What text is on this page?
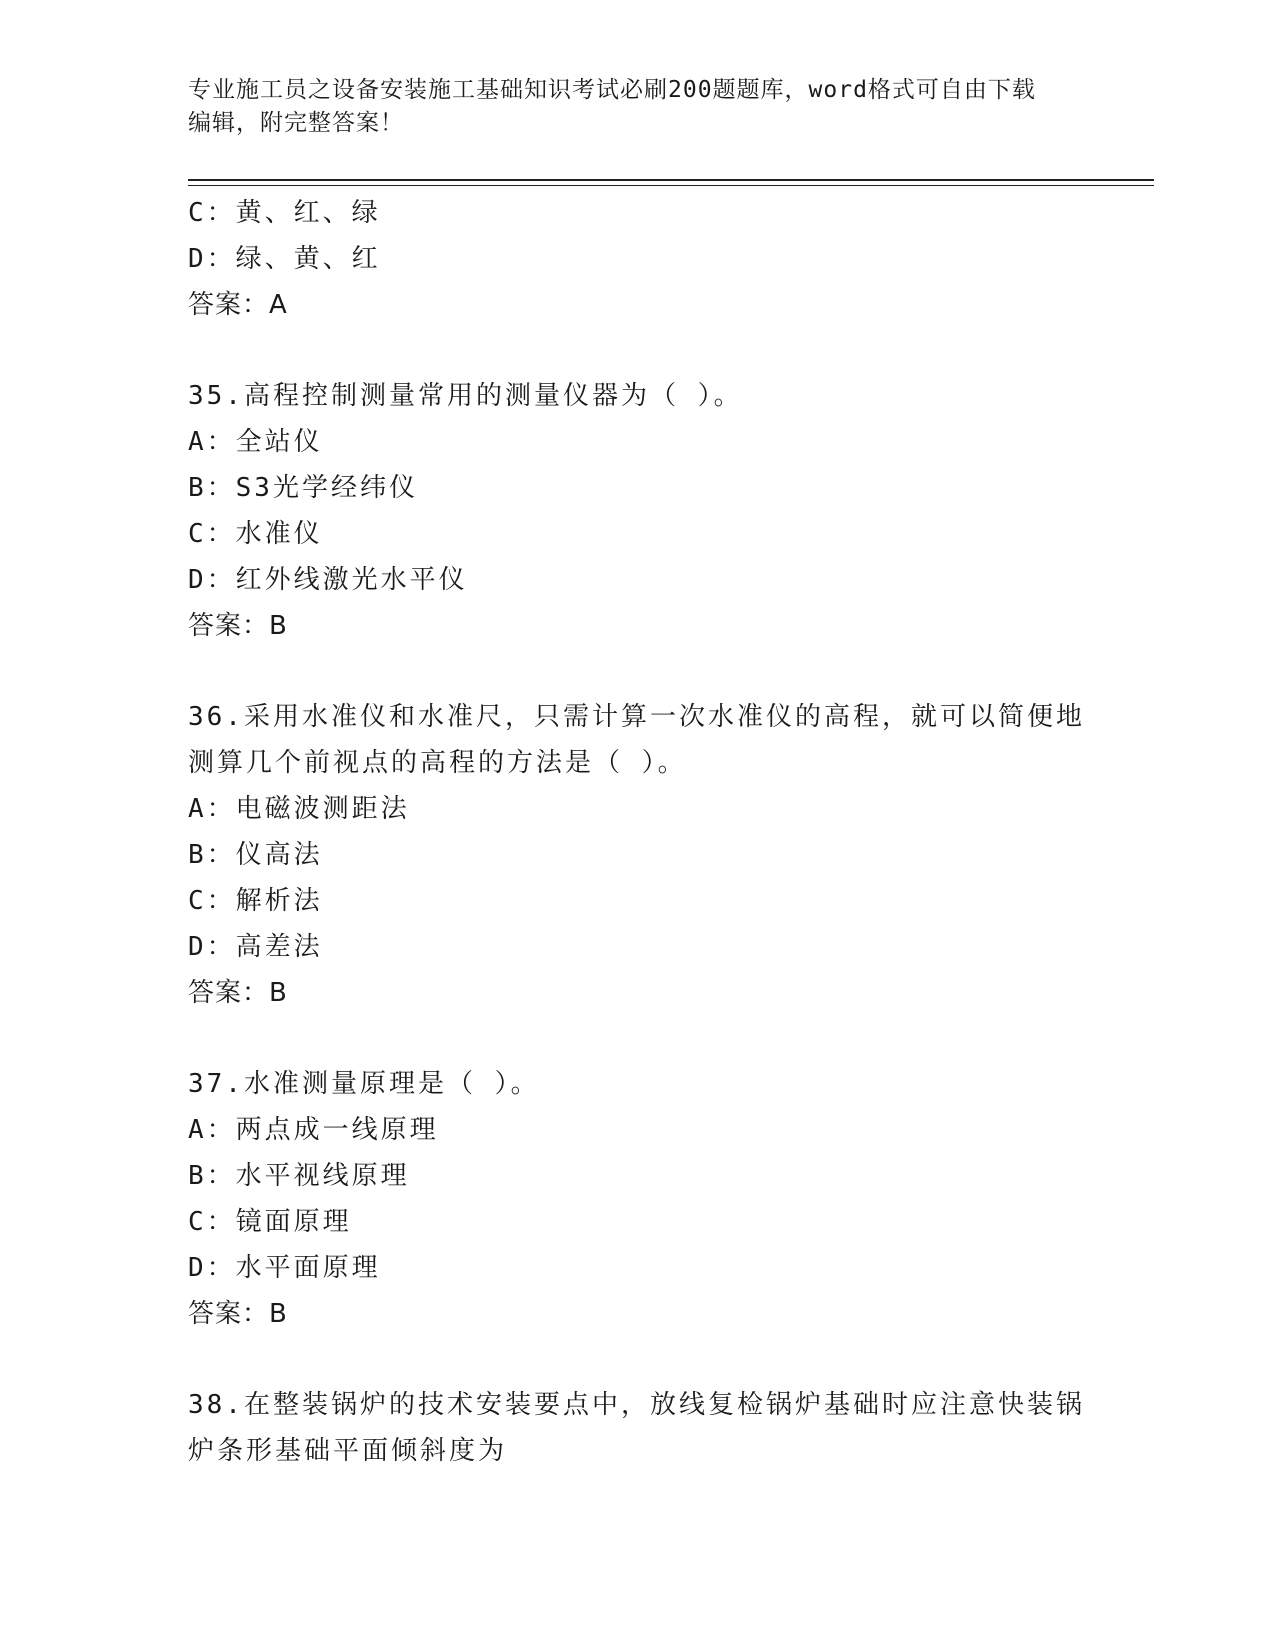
专业施工员之设备安装施工基础知识考试必刷200题题库，word格式可自由下载
编辑，附完整答案！
C：黄、红、绿
D：绿、黄、红
答案：A
35.高程控制测量常用的测量仪器为（ ）。
A：全站仪
B：S3光学经纬仪
C：水准仪
D：红外线激光水平仪
答案：B
36.采用水准仪和水准尺，只需计算一次水准仪的高程，就可以简便地
测算几个前视点的高程的方法是（ ）。
A：电磁波测距法
B：仪高法
C：解析法
D：高差法
答案：B
37.水准测量原理是（ ）。
A：两点成一线原理
B：水平视线原理
C：镜面原理
D：水平面原理
答案：B
38.在整装锅炉的技术安装要点中，放线复检锅炉基础时应注意快装锅
炉条形基础平面倾斜度为
